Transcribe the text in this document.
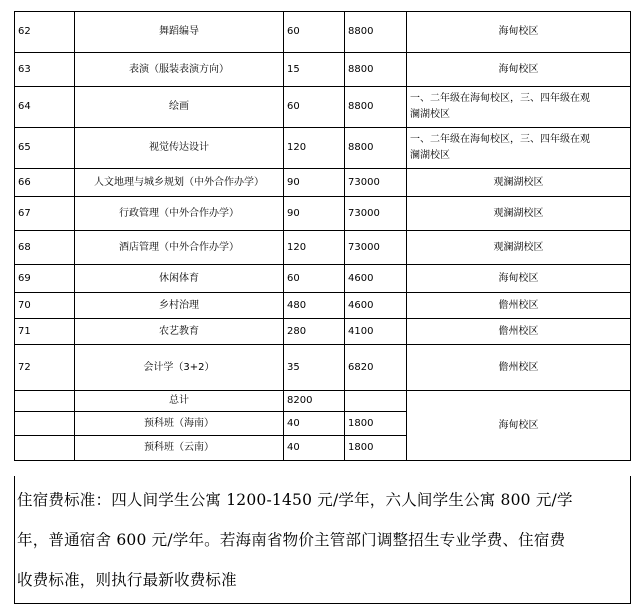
62	舞蹈编导	60	8800	海甸校区
63	表演（服装表演方向）	15	8800	海甸校区
64	绘画	60	8800	一、二年级在海甸校区，三、四年级在观
澜湖校区

65	视觉传达设计	120	8800	一、二年级在海甸校区，三、四年级在观
澜湖校区

66	人文地理与城乡规划（中外合作办学）	90	73000	观澜湖校区
67	行政管理（中外合作办学）	90	73000	观澜湖校区
68	酒店管理（中外合作办学）	120	73000	观澜湖校区
69	休闲体育	60	4600	海甸校区
70	乡村治理	480	4600	儋州校区
71	农艺教育	280	4100	儋州校区
72	会计学（3+2）	35	6820	儋州校区
	总计	8200		海甸校区
	预科班（海南）	40	1800	
	预科班（云南）	40	1800	
住宿费标准：四人间学生公寓 1200-1450 元/学年，六人间学生公寓 800 元/学
年，普通宿舍 600 元/学年。若海南省物价主管部门调整招生专业学费、住宿费
收费标准，则执行最新收费标准
